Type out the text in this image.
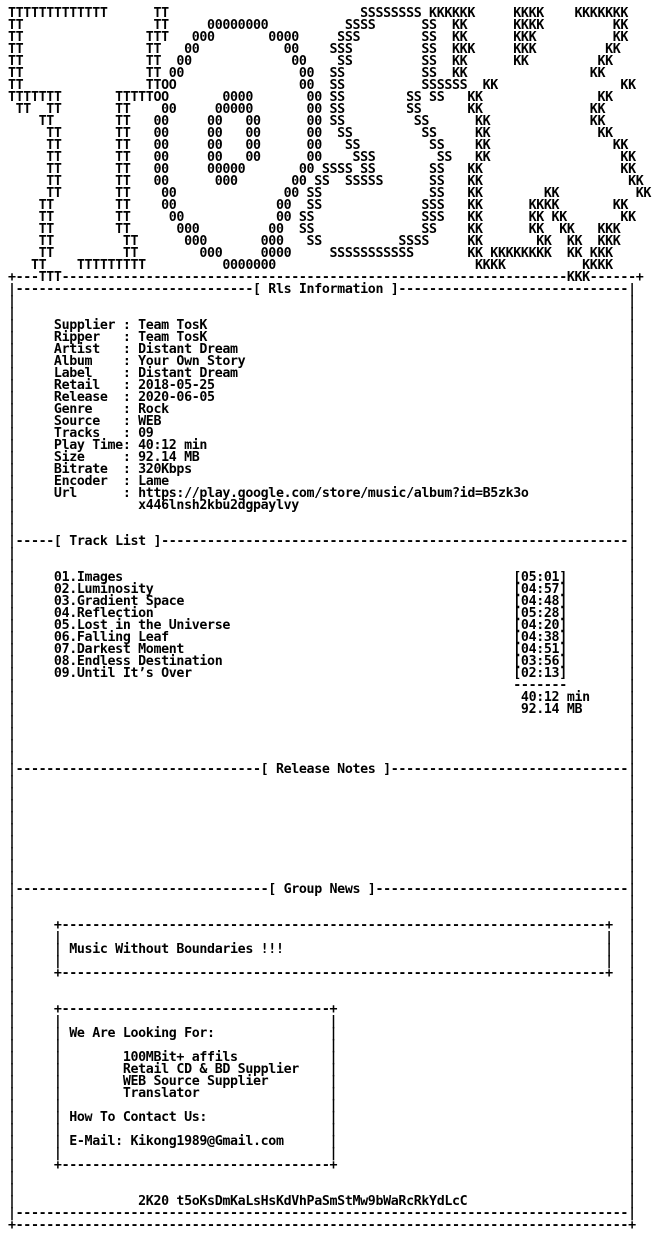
TTTTTTTTTTTTT      TT                         SSSSSSSS KKKKKK     KKKK    KKKKKKK
TT                 TT     00000000          SSSS      SS  KK      KKKK         KK
TT                TTT   000       0000     SSS        SS  KK      KKK          KK
TT                TT   00           00    SSS         SS  KKK     KKK         KK
TT                TT  00             00    SS         SS  KK      KK         KK
TT                TT 00               00  SS          SS  KK                KK
TT                TTOO                00  SS          SSSSSS  KK                KK
TTTTTTT       TTTTTOO       0000       00 SS        SS SS   KK               KK
TT  TT       TT    00     00000       00 SS        SS      KK              KK
TT        TT   00     00   00      00 SS         SS      KK             KK
TT       TT   00     00   00      00  SS         SS     KK              KK
TT       TT   00     00   00      00   SS         SS    KK                KK
TT       TT   00     00   00      00    SSS        SS   KK                 KK
TT       TT   00     00000       00 SSSS SS       SS   KK                  KK
TT       TT   00      000       00 SS  SSSSS      SS   KK                   KK
TT       TT    00              00 SS              SS   KK        KK          KK
TT        TT    00             00  SS             SSS   KK      KKKK       KK
TT        TT     00            00 SS              SSS   KK      KK KK       KK
TT        TT      000         00  SS              SS    KK      KK  KK   KKK
TT         TT      000       000   SS          SSSS     KK       KK  KK  KKK
TT         TT        000     0000     SSSSSSSSSSS       KK KKKKKKKK  KK KKK
TT    TTTTTTTTT          0000000                          KKKK          KKKK
+---TTT------------------------------------------------------------------KKK------+
|-------------------------------[ Rls Information ]------------------------------|
|                                                                                |
|                                                                                |
|     Supplier : Team TosK                                                       |
|     Ripper   : Team TosK                                                       |
|     Artist   : Distant Dream                                                   |
|     Album    : Your Own Story                                                  |
|     Label    : Distant Dream                                                   |
|     Retail   : 2018-05-25                                                      |
|     Release  : 2020-06-05                                                      |
|     Genre    : Rock                                                            |
|     Source   : WEB                                                             |
|     Tracks   : 09                                                              |
|     Play Time: 40:12 min                                                       |
|     Size     : 92.14 MB                                                        |
|     Bitrate  : 320Kbps                                                         |
|     Encoder  : Lame                                                            |
|     Url      : https://play.google.com/store/music/album?id=B5zk3o             |
|                x446lnsh2kbu2dgpaylvy                                           |
|                                                                                |
|                                                                                |
|-----[ Track List ]-------------------------------------------------------------|
|                                                                                |
|                                                                                |
|     01.Images                                                   [05:01]        |
|     02.Luminosity                                               [04:57]        |
|     03.Gradient Space                                           [04:48]        |
|     04.Reflection                                               [05:28]        |
|     05.Lost in the Universe                                     [04:20]        |
|     06.Falling Leaf                                             [04:38]        |
|     07.Darkest Moment                                           [04:51]        |
|     08.Endless Destination                                      [03:56]        |
|     09.Until It’s Over                                          [02:13]        |
|                                                                 -------        |
|                                                                  40:12 min     |
|                                                                  92.14 MB      |
|                                                                                |
|                                                                                |
|                                                                                |
|                                                                                |
|--------------------------------[ Release Notes ]-------------------------------|
|                                                                                |
|                                                                                |
|                                                                                |
|                                                                                |
|                                                                                |
|                                                                                |
|                                                                                |
|                                                                                |
|                                                                                |
|---------------------------------[ Group News ]---------------------------------|
|                                                                                |
|                                                                                |
|     +-----------------------------------------------------------------------+  |
|     |                                                                       |  |
|     | Music Without Boundaries !!!                                          |  |
|     |                                                                       |  |
|     +-----------------------------------------------------------------------+  |
|                                                                                |
|                                                                                |
|     +-----------------------------------+                                      |
|     |                                   |                                      |
|     | We Are Looking For:               |                                      |
|     |                                   |                                      |
|     |        100MBit+ affils            |                                      |
|     |        Retail CD & BD Supplier    |                                      |
|     |        WEB Source Supplier        |                                      |
|     |        Translator                 |                                      |
|     |                                   |                                      |
|     | How To Contact Us:                |                                      |
|     |                                   |                                      |
|     | E-Mail: Kikong1989@Gmail.com      |                                      |
|     |                                   |                                      |
|     +-----------------------------------+                                      |
|                                                                                |
|                                                                                |
|                2K20 t5oKsDmKaLsHsKdVhPaSmStMw9bWaRcRkYdLcC                     |
|--------------------------------------------------------------------------------|
+--------------------------------------------------------------------------------+
